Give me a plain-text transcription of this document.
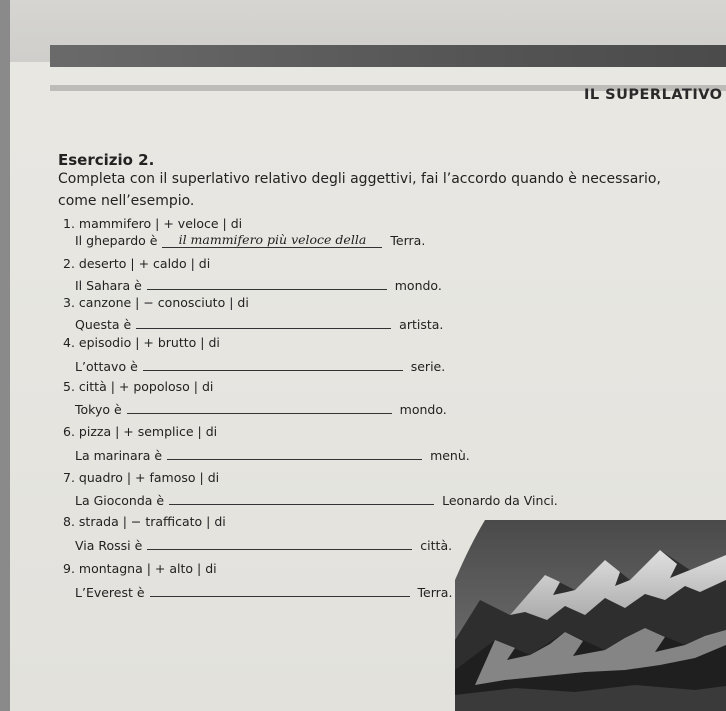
IL SUPERLATIVO
Esercizio 2.
Completa con il superlativo relativo degli aggettivi, fai l’accordo quando è necessario, come nell’esempio.
1. mammifero | + veloce | di
Il ghepardo è il mammifero più veloce della Terra.
2. deserto | + caldo | di
Il Sahara è	mondo.
3. canzone | − conosciuto | di
Questa è	artista.
4. episodio | + brutto | di
L’ottavo è	serie.
5. città | + popoloso | di
Tokyo è	mondo.
6. pizza | + semplice | di
La marinara è	menù.
7. quadro | + famoso | di
La Gioconda è	Leonardo da Vinci.
8. strada | − trafficato | di
Via Rossi è	città.
9. montagna | + alto | di
L’Everest è	Terra.
